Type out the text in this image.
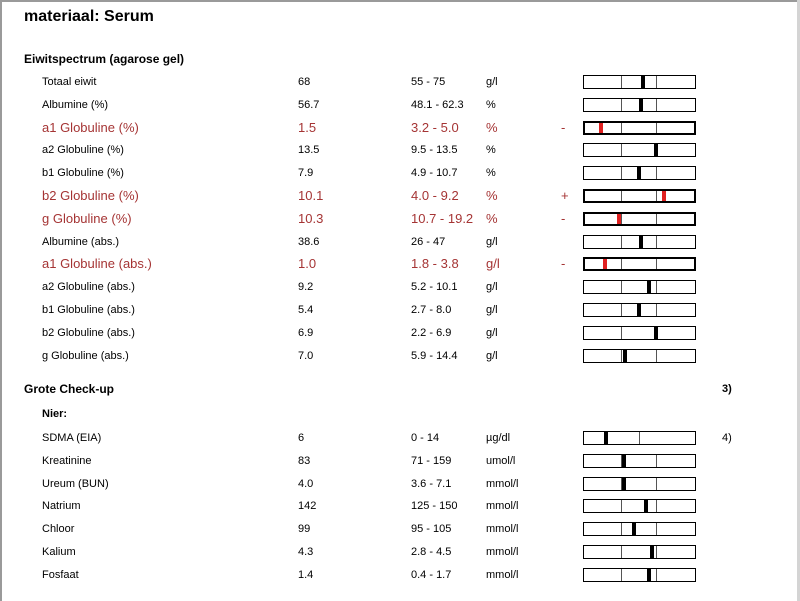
materiaal: Serum
Eiwitspectrum (agarose gel)
Totaal eiwit	68	55 - 75	g/l
Albumine (%)	56.7	48.1 - 62.3 %
a1 Globuline (%)	1.5	3.2 - 5.0 %	-
a2 Globuline (%)	13.5	9.5 - 13.5	%
b1 Globuline (%)	7.9	4.9 - 10.7	%
b2 Globuline (%)	10.1	4.0 - 9.2 %	+
g Globuline (%)	10.3	10.7 - 19.2 %	-
Albumine (abs.)	38.6	26 - 47	g/l
a1 Globuline (abs.)	1.0	1.8 - 3.8 g/l	-
a2 Globuline (abs.)	9.2	5.2 - 10.1	g/l
b1 Globuline (abs.)	5.4	2.7 - 8.0	g/l
b2 Globuline (abs.)	6.9	2.2 - 6.9	g/l
g Globuline (abs.)	7.0	5.9 - 14.4	g/l
Grote Check-up	3)
Nier:
SDMA (EIA)	6	0 - 14	µg/dl	4)
Kreatinine	83	71 - 159	umol/l
Ureum (BUN)	4.0	3.6 - 7.1	mmol/l
Natrium	142	125 - 150	mmol/l
Chloor	99	95 - 105	mmol/l
Kalium	4.3	2.8 - 4.5	mmol/l
Fosfaat	1.4	0.4 - 1.7	mmol/l
